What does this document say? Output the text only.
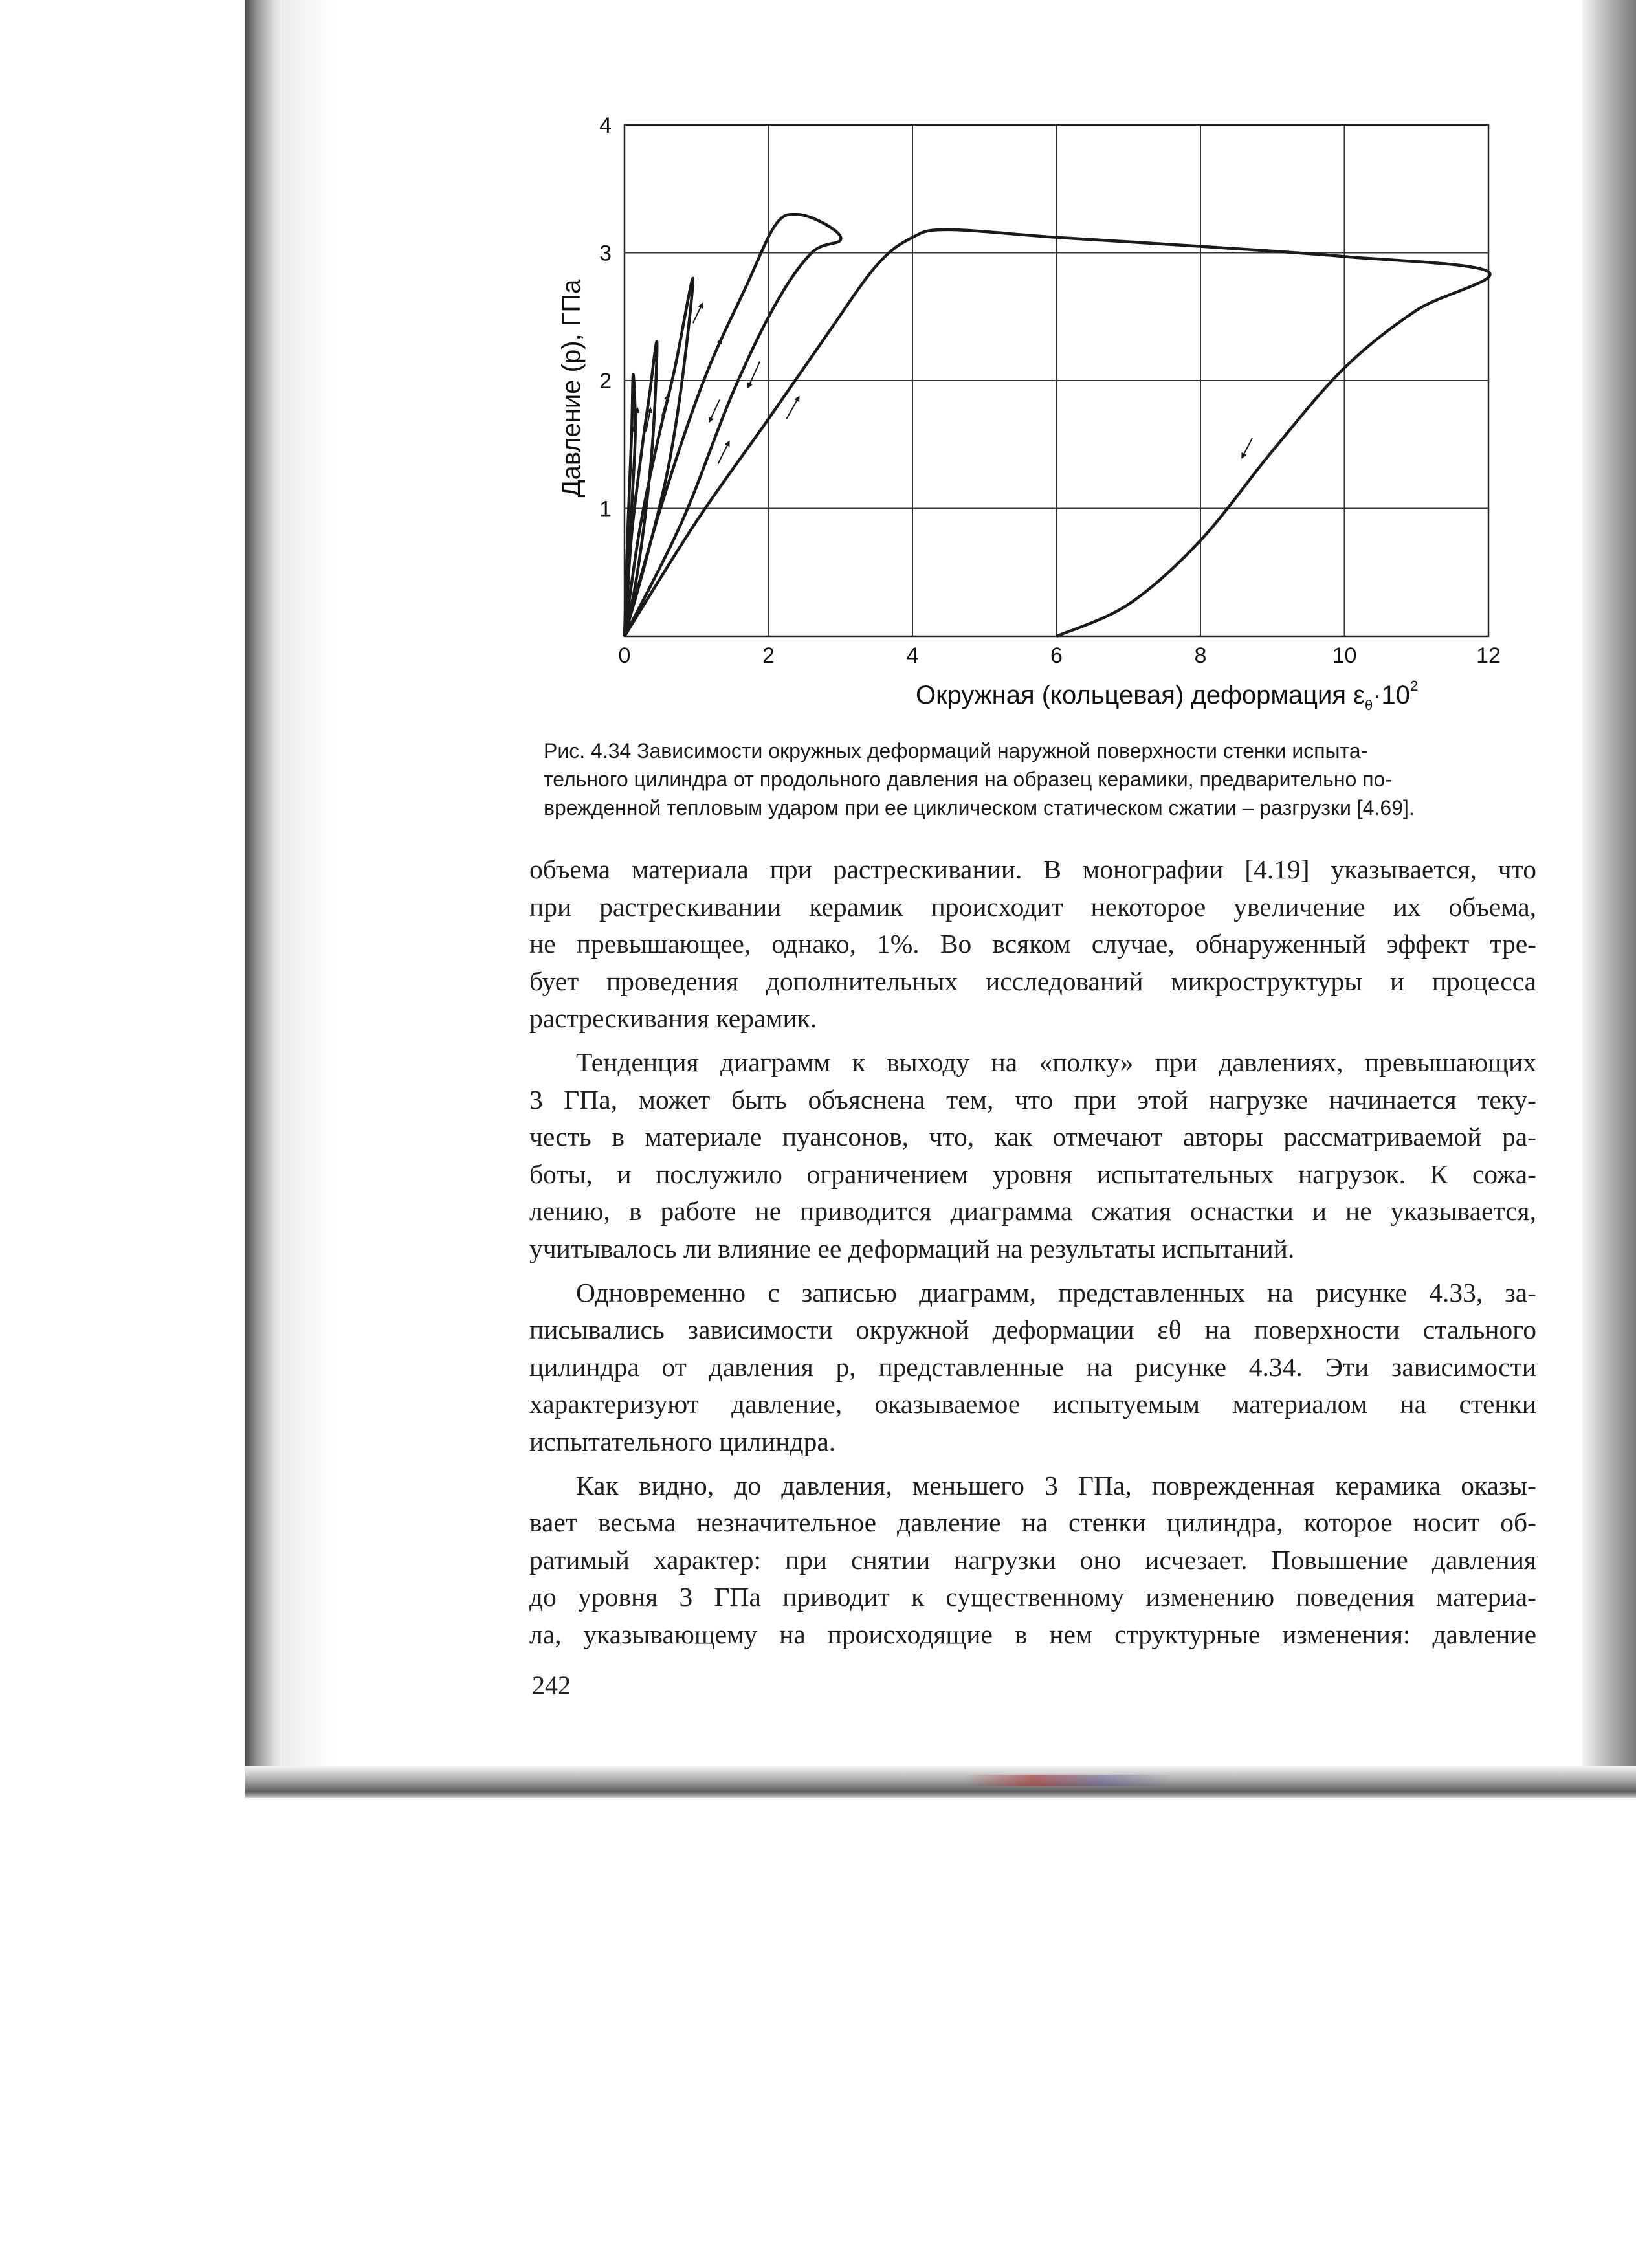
0	2	4	6	8	10	12
1
2
3
4
Давление (р), ГПа
Окружная (кольцевая) деформация $\varepsilon_\theta\cdot 10^2$

Рис. 4.34 Зависимости окружных деформаций наружной поверхности стенки испыта-
тельного цилиндра от продольного давления на образец керамики, предварительно по-
врежденной тепловым ударом при ее циклическом статическом сжатии – разгрузки [4.69].

объема материала при растрескивании. В монографии [4.19] указывается, что
при растрескивании керамик происходит некоторое увеличение их объема,
не превышающее, однако, 1%. Во всяком случае, обнаруженный эффект тре-
бует проведения дополнительных исследований микроструктуры и процесса
растрескивания керамик.
Тенденция диаграмм к выходу на «полку» при давлениях, превышающих
3 ГПа, может быть объяснена тем, что при этой нагрузке начинается теку-
честь в материале пуансонов, что, как отмечают авторы рассматриваемой ра-
боты, и послужило ограничением уровня испытательных нагрузок. К сожа-
лению, в работе не приводится диаграмма сжатия оснастки и не указывается,
учитывалось ли влияние ее деформаций на результаты испытаний.
Одновременно с записью диаграмм, представленных на рисунке 4.33, за-
писывались зависимости окружной деформации εθ на поверхности стального
цилиндра от давления p, представленные на рисунке 4.34. Эти зависимости
характеризуют давление, оказываемое испытуемым материалом на стенки
испытательного цилиндра.
Как видно, до давления, меньшего 3 ГПа, поврежденная керамика оказы-
вает весьма незначительное давление на стенки цилиндра, которое носит об-
ратимый характер: при снятии нагрузки оно исчезает. Повышение давления
до уровня 3 ГПа приводит к существенному изменению поведения материа-
ла, указывающему на происходящие в нем структурные изменения: давление
242
